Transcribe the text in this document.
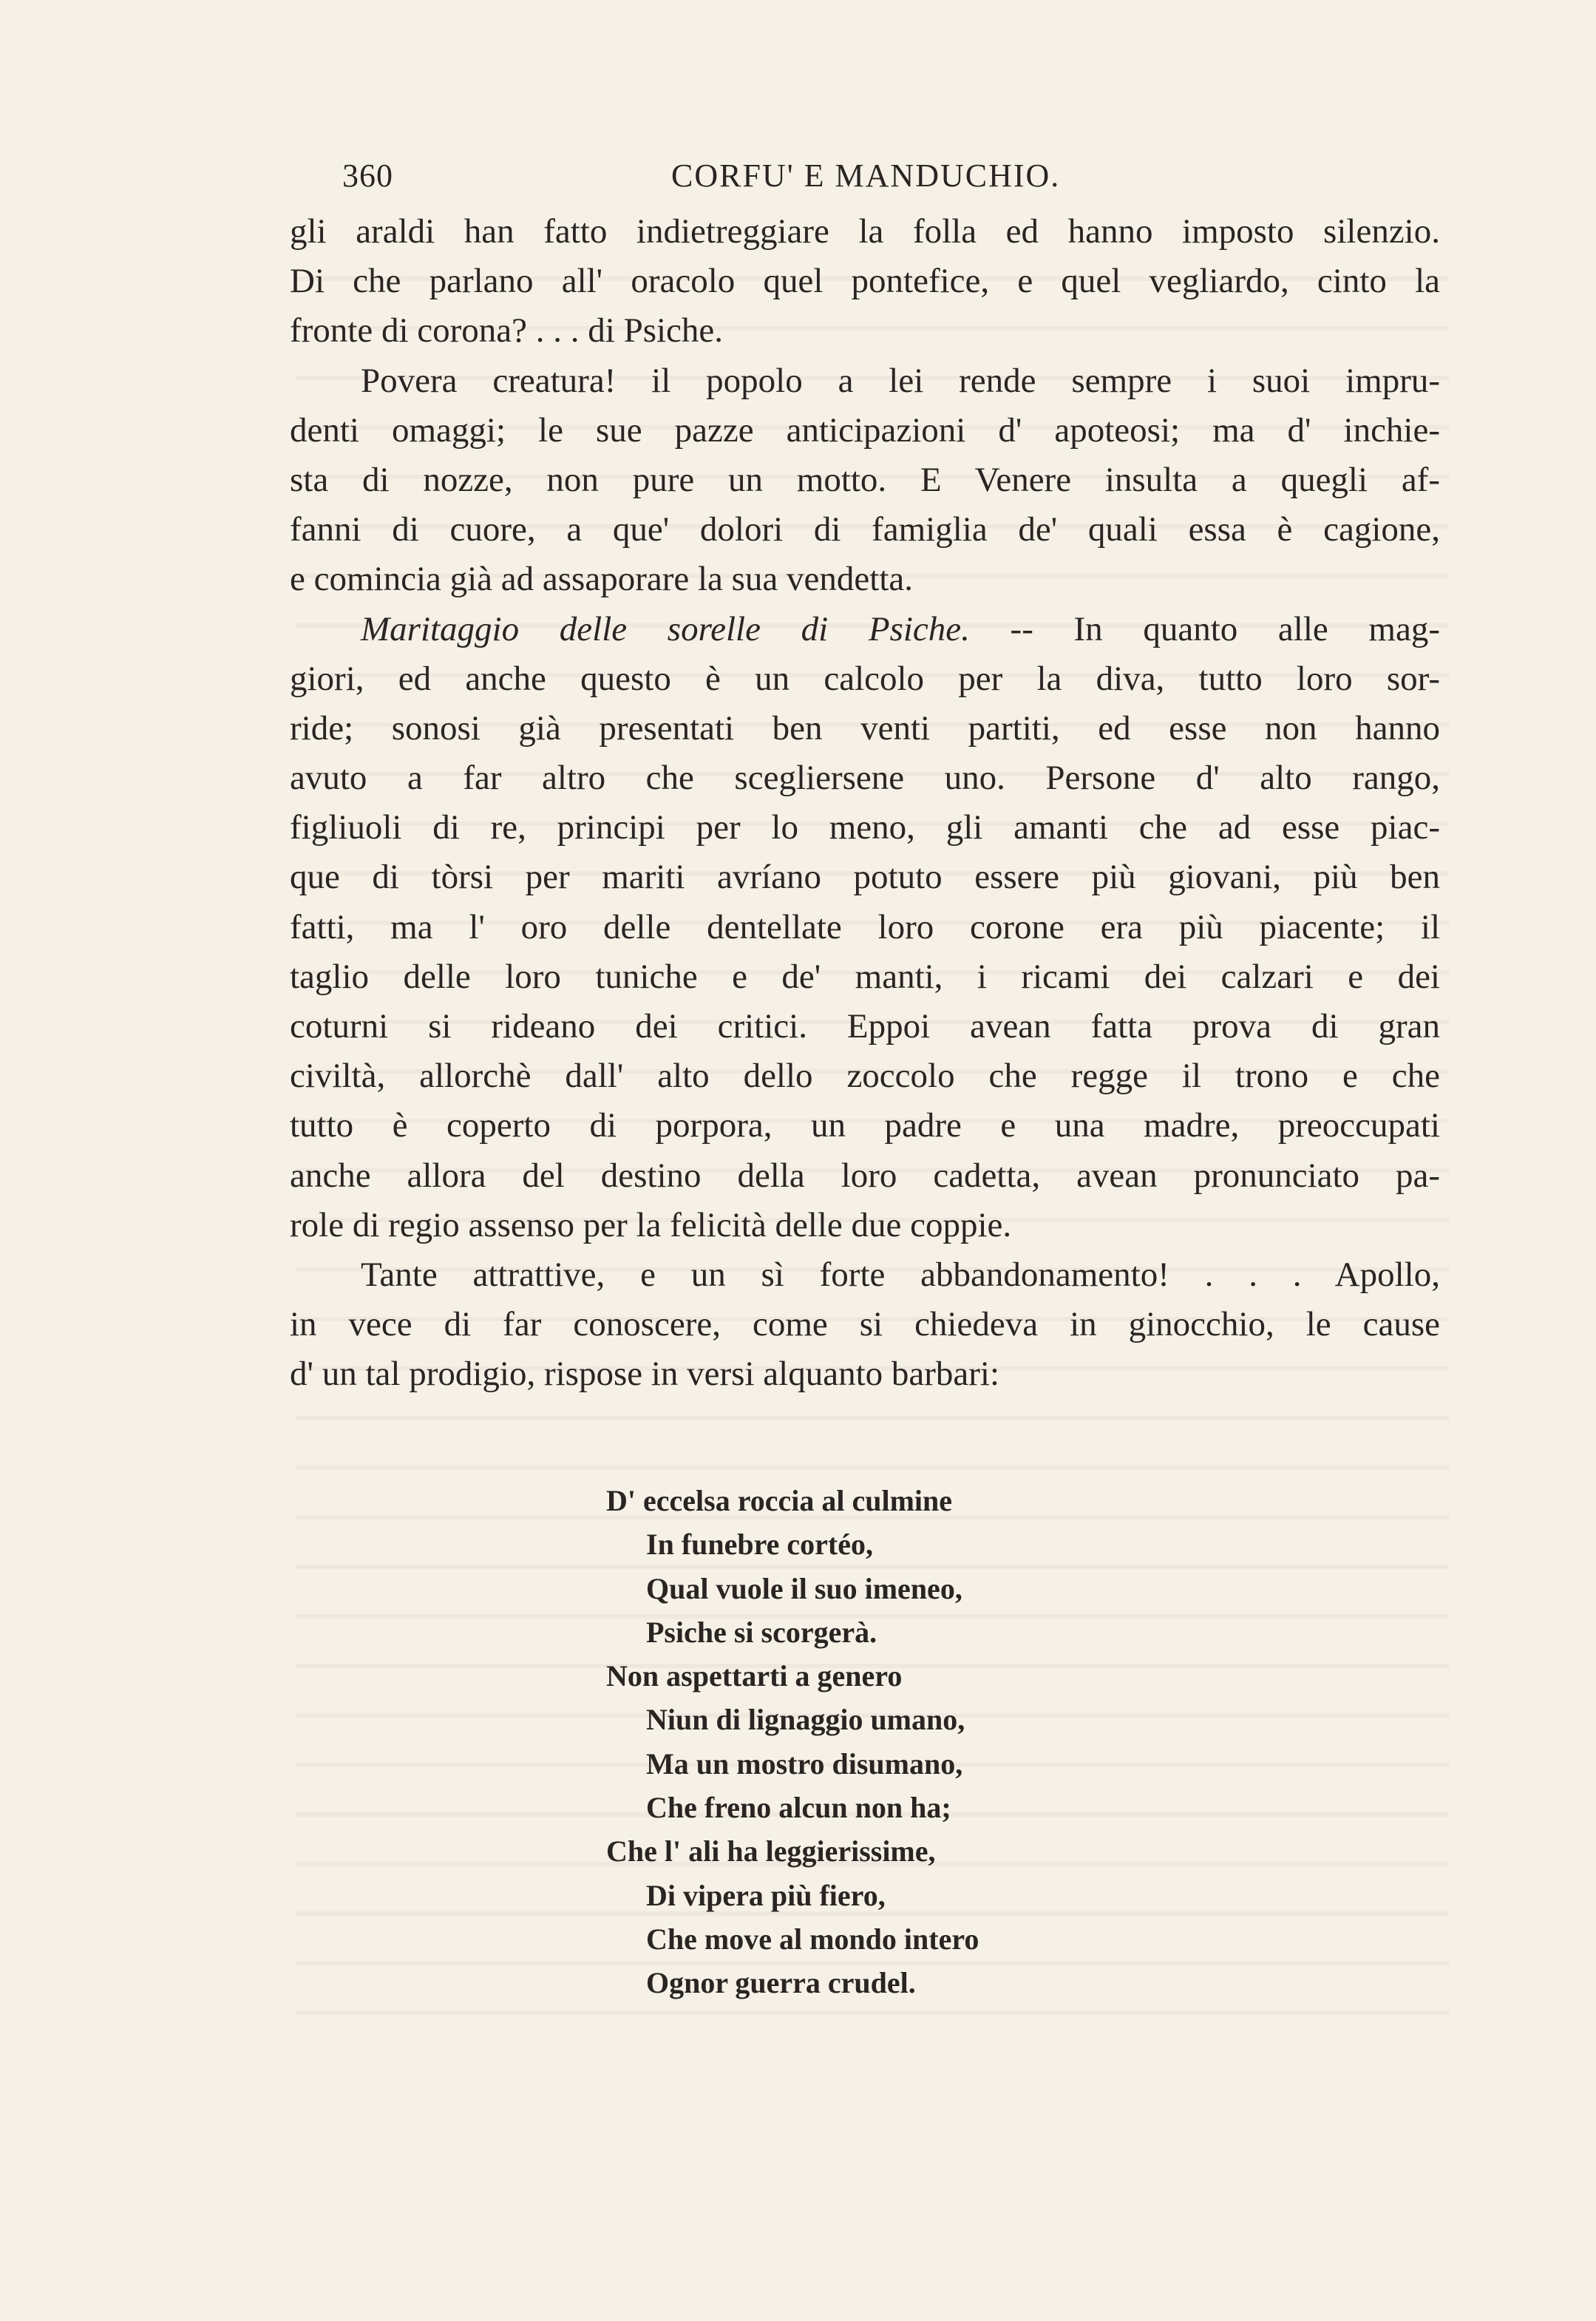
360	CORFU' E MANDUCHIO.
gli araldi han fatto indietreggiare la folla ed hanno imposto silenzio.
Di che parlano all' oracolo quel pontefice, e quel vegliardo, cinto la
fronte di corona? . . . di Psiche.
Povera creatura! il popolo a lei rende sempre i suoi impru-
denti omaggi; le sue pazze anticipazioni d' apoteosi; ma d' inchie-
sta di nozze, non pure un motto. E Venere insulta a quegli af-
fanni di cuore, a que' dolori di famiglia de' quali essa è cagione,
e comincia già ad assaporare la sua vendetta.
Maritaggio delle sorelle di Psiche. -- In quanto alle mag-
giori, ed anche questo è un calcolo per la diva, tutto loro sor-
ride; sonosi già presentati ben venti partiti, ed esse non hanno
avuto a far altro che scegliersene uno. Persone d' alto rango,
figliuoli di re, principi per lo meno, gli amanti che ad esse piac-
que di tòrsi per mariti avríano potuto essere più giovani, più ben
fatti, ma l' oro delle dentellate loro corone era più piacente; il
taglio delle loro tuniche e de' manti, i ricami dei calzari e dei
coturni si rideano dei critici. Eppoi avean fatta prova di gran
civiltà, allorchè dall' alto dello zoccolo che regge il trono e che
tutto è coperto di porpora, un padre e una madre, preoccupati
anche allora del destino della loro cadetta, avean pronunciato pa-
role di regio assenso per la felicità delle due coppie.
Tante attrattive, e un sì forte abbandonamento! . . . Apollo,
in vece di far conoscere, come si chiedeva in ginocchio, le cause
d' un tal prodigio, rispose in versi alquanto barbari:
D' eccelsa roccia al culmine
In funebre cortéo,
Qual vuole il suo imeneo,
Psiche si scorgerà.
Non aspettarti a genero
Niun di lignaggio umano,
Ma un mostro disumano,
Che freno alcun non ha;
Che l' ali ha leggierissime,
Di vipera più fiero,
Che move al mondo intero
Ognor guerra crudel.
